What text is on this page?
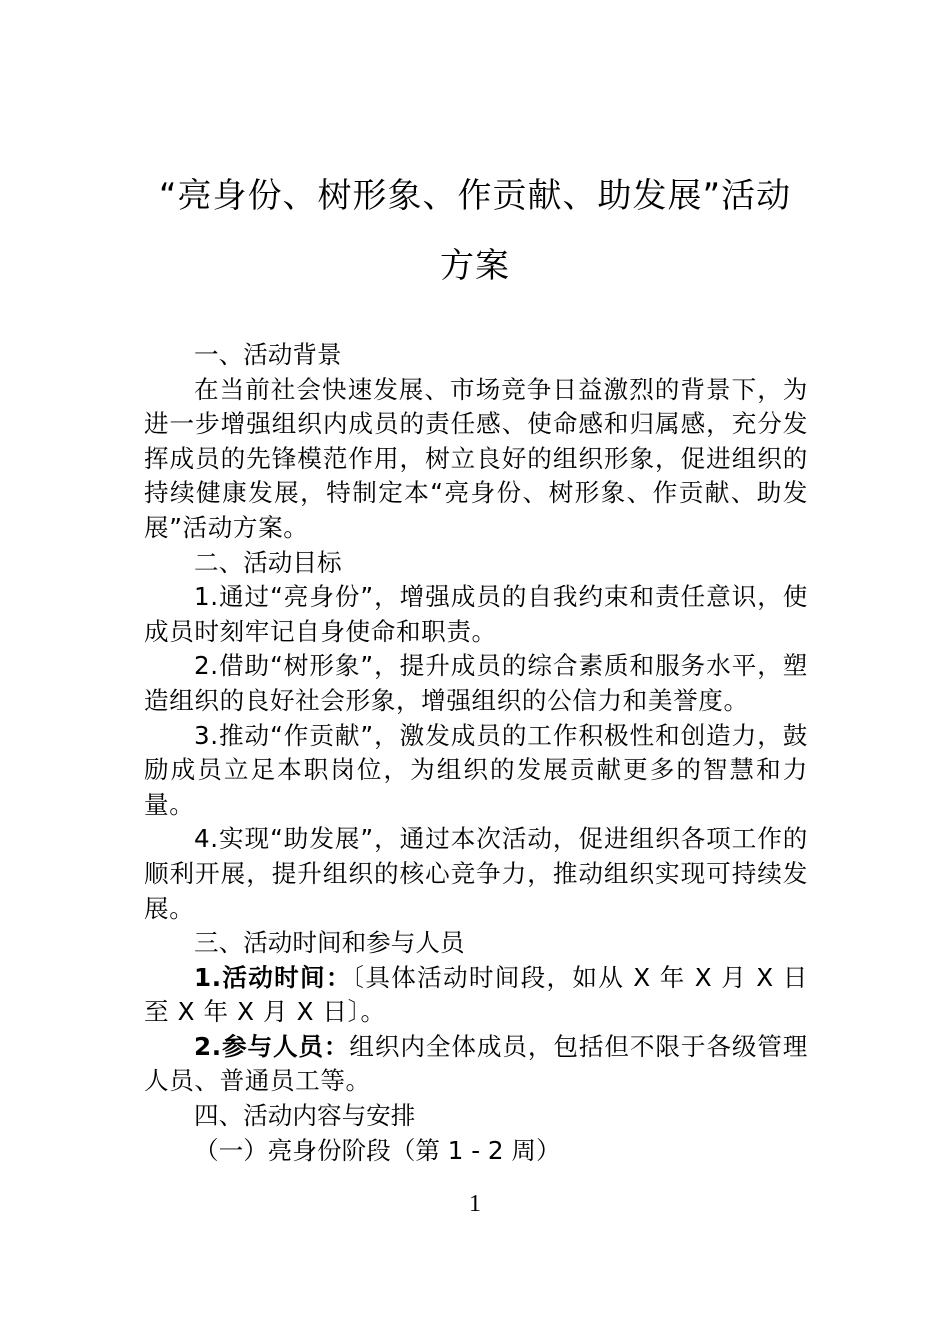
“亮身份、树形象、作贡献、助发展”活动
方案

一、活动背景

在当前社会快速发展、市场竞争日益激烈的背景下，为进一步增强组织内成员的责任感、使命感和归属感，充分发挥成员的先锋模范作用，树立良好的组织形象，促进组织的持续健康发展，特制定本“亮身份、树形象、作贡献、助发展”活动方案。

二、活动目标

1.通过“亮身份”，增强成员的自我约束和责任意识，使成员时刻牢记自身使命和职责。

2.借助“树形象”，提升成员的综合素质和服务水平，塑造组织的良好社会形象，增强组织的公信力和美誉度。

3.推动“作贡献”，激发成员的工作积极性和创造力，鼓励成员立足本职岗位，为组织的发展贡献更多的智慧和力量。

4.实现“助发展”，通过本次活动，促进组织各项工作的顺利开展，提升组织的核心竞争力，推动组织实现可持续发展。

三、活动时间和参与人员

1.活动时间：〔具体活动时间段，如从 X 年 X 月 X 日至 X 年 X 月 X 日〕。

2.参与人员：组织内全体成员，包括但不限于各级管理人员、普通员工等。

四、活动内容与安排

（一）亮身份阶段（第 1 - 2 周）

1
